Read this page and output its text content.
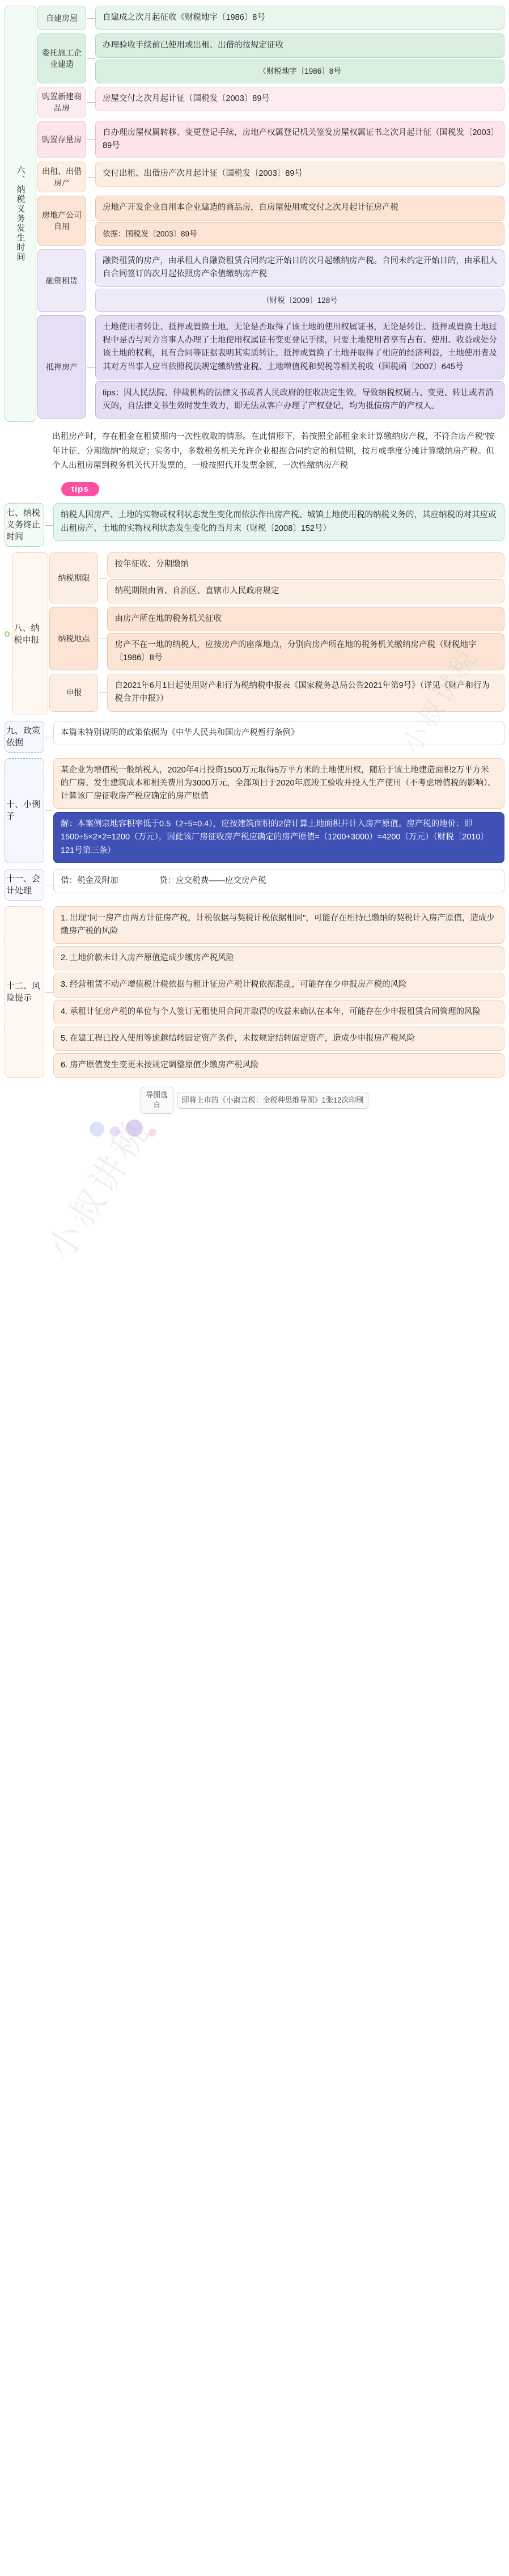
小叔讲税
六、纳税义务发生时间
自建房屋	自建成之次月起征收《财税地字〔1986〕8号
委托施工企业建造
办理验收手续前已使用或出租、出借的按规定征收
（财税地字〔1986〕8号
购置新建商品房
房屋交付之次月起计征（国税发〔2003〕89号
购置存量房
自办理房屋权属转移、变更登记手续，房地产权属登记机关签发房屋权属证书之次月起计征（国税发〔2003〕89号
出租、出借房产
交付出租、出借房产次月起计征（国税发〔2003〕89号
房地产公司自用
房地产开发企业自用本企业建造的商品房，自房屋使用或交付之次月起计征房产税
依据：国税发〔2003〕89号
融资租赁
融资租赁的房产，由承租人自融资租赁合同约定开始日的次月起缴纳房产税。合同未约定开始日的，由承租人自合同签订的次月起依照房产余值缴纳房产税
（财税〔2009〕128号
抵押房产
土地使用者转让、抵押或置换土地，无论是否取得了该土地的使用权属证书，无论是转让、抵押或置换土地过程中是否与对方当事人办理了土地使用权属证书变更登记手续，只要土地使用者享有占有、使用、收益或处分该土地的权利，且有合同等证据表明其实质转让、抵押或置换了土地并取得了相应的经济利益，土地使用者及其对方当事人应当依照税法规定缴纳营业税、土地增值税和契税等相关税收（国税函〔2007〕645号
tips：因人民法院、仲裁机构的法律文书或者人民政府的征收决定生效，导致纳税权属占、变更、转让或者消灭的，自法律文书生效时发生效力，即无法从客户办理了产权登记，均为抵债房产的产权人。
出租房产时，存在租金在租赁期内一次性收取的情形。在此情形下，若按照全部租金来计算缴纳房产税，不符合房产税"按年计征、分期缴纳"的规定；实务中，多数税务机关允许企业根据合同约定的租赁期，按月或季度分摊计算缴纳房产税。但个人出租房屋到税务机关代开发票的，一般按照代开发票金额，一次性缴纳房产税
tips
七、纳税义务终止时间
纳税人因房产、土地的实物或权利状态发生变化而依法作出房产税、城镇土地使用税的纳税义务的，其应纳税的对其应或出租房产、土地的实物权利状态发生变化的当月末（财税〔2008〕152号）
八、纳税申报
纳税期限
按年征收、分期缴纳
纳税期限由省、自治区、直辖市人民政府规定
纳税地点
由房产所在地的税务机关征收
房产不在一地的纳税人，应按房产的座落地点，分别向房产所在地的税务机关缴纳房产税（财税地字〔1986〕8号
申报
自2021年6月1日起使用财产和行为税纳税申报表《国家税务总局公告2021年第9号》（详见《财产和行为税合并申报》）
九、政策依据
本篇未特别说明的政策依据为《中华人民共和国房产税暂行条例》
十、小例子
某企业为增值税一般纳税人，2020年4月投资1500万元取得5万平方米的土地使用权，随后于该土地建造面积2万平方米的厂房。发生建筑成本和相关费用为3000万元，全部项目于2020年底竣工验收并投入生产使用（不考虑增值税的影响）。计算该厂房征收房产税应确定的房产原值
解：本案例宗地容积率低于0.5（2÷5=0.4），应按建筑面积的2倍计算土地面积并计入房产原值。房产税的地价：即1500÷5×2×2=1200（万元），因此该厂房征收房产税应确定的房产原值=（1200+3000）=4200（万元）（财税〔2010〕121号第三条）
十一、会计处理
借：税金及附加　　　　　贷：应交税费——应交房产税
十二、风险提示
1. 出现"同一房产由两方计征房产税，计税依据与契税计税依据相同"，可能存在相持已缴纳的契税计入房产原值，造成少缴房产税的风险
2. 土地价款未计入房产原值造成少缴房产税风险
3. 经营租赁不动产增值税计税依据与租计征房产税计税依据混乱，可能存在少申报房产税的风险
4. 承租计征房产税的单位与个人签订无租使用合同并取得的收益未确认在本年，可能存在少申报租赁合同管理的风险
5. 在建工程已投入使用等逾越结转固定资产条件，未按规定结转固定资产，造成少申报房产税风险
6. 房产原值发生变更未按规定调整原值少缴房产税风险
导图选自
即将上市的《小淑言税：全税种思维导图》1张12次印刷
